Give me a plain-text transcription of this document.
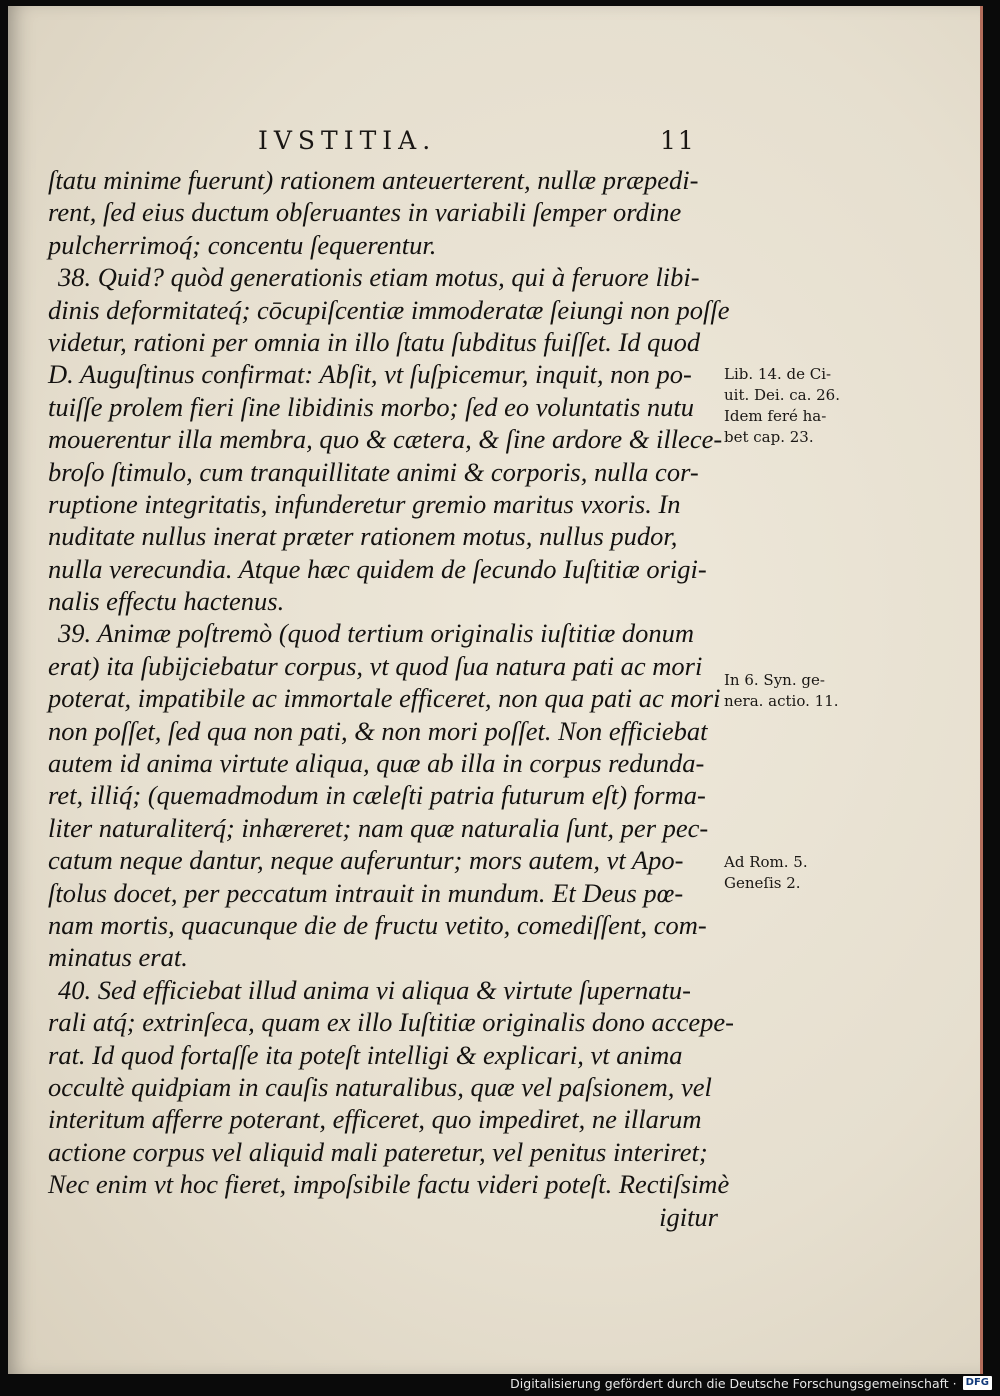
IVSTITIA.	11
ſtatu minime fuerunt) rationem anteuerterent, nullæ præpedi-
rent, ſed eius ductum obſeruantes in variabili ſemper ordine
pulcherrimoq́; concentu ſequerentur.
38. Quid? quòd generationis etiam motus, qui à feruore libi-
dinis deformitateq́; cōcupiſcentiæ immoderatæ ſeiungi non poſſe
videtur, rationi per omnia in illo ſtatu ſubditus fuiſſet. Id quod
D. Auguſtinus confirmat: Abſit, vt ſuſpicemur, inquit, non po-
tuiſſe prolem fieri ſine libidinis morbo; ſed eo voluntatis nutu
mouerentur illa membra, quo & cætera, & ſine ardore & illece-
broſo ſtimulo, cum tranquillitate animi & corporis, nulla cor-
ruptione integritatis, infunderetur gremio maritus vxoris. In
nuditate nullus inerat præter rationem motus, nullus pudor,
nulla verecundia. Atque hæc quidem de ſecundo Iuſtitiæ origi-
nalis effectu hactenus.
39. Animæ poſtremò (quod tertium originalis iuſtitiæ donum
erat) ita ſubijciebatur corpus, vt quod ſua natura pati ac mori
poterat, impatibile ac immortale efficeret, non qua pati ac mori
non poſſet, ſed qua non pati, & non mori poſſet. Non efficiebat
autem id anima virtute aliqua, quæ ab illa in corpus redunda-
ret, illiq́; (quemadmodum in cæleſti patria futurum eſt) forma-
liter naturaliterq́; inhæreret; nam quæ naturalia ſunt, per pec-
catum neque dantur, neque auferuntur; mors autem, vt Apo-
ſtolus docet, per peccatum intrauit in mundum. Et Deus pœ-
nam mortis, quacunque die de fructu vetito, comediſſent, com-
minatus erat.
40. Sed efficiebat illud anima vi aliqua & virtute ſupernatu-
rali atq́; extrinſeca, quam ex illo Iuſtitiæ originalis dono accepe-
rat. Id quod fortaſſe ita poteſt intelligi & explicari, vt anima
occultè quidpiam in cauſis naturalibus, quæ vel paſsionem, vel
interitum afferre poterant, efficeret, quo impediret, ne illarum
actione corpus vel aliquid mali pateretur, vel penitus interiret;
Nec enim vt hoc fieret, impoſsibile factu videri poteſt. Rectiſsimè
igitur
Lib. 14. de Ci-
uit. Dei. ca. 26.
Idem feré ha-
bet cap. 23.
In 6. Syn. ge-
nera. actio. 11.
Ad Rom. 5.
Geneſis 2.
Digitalisierung gefördert durch die Deutsche Forschungsgemeinschaft · DFG
